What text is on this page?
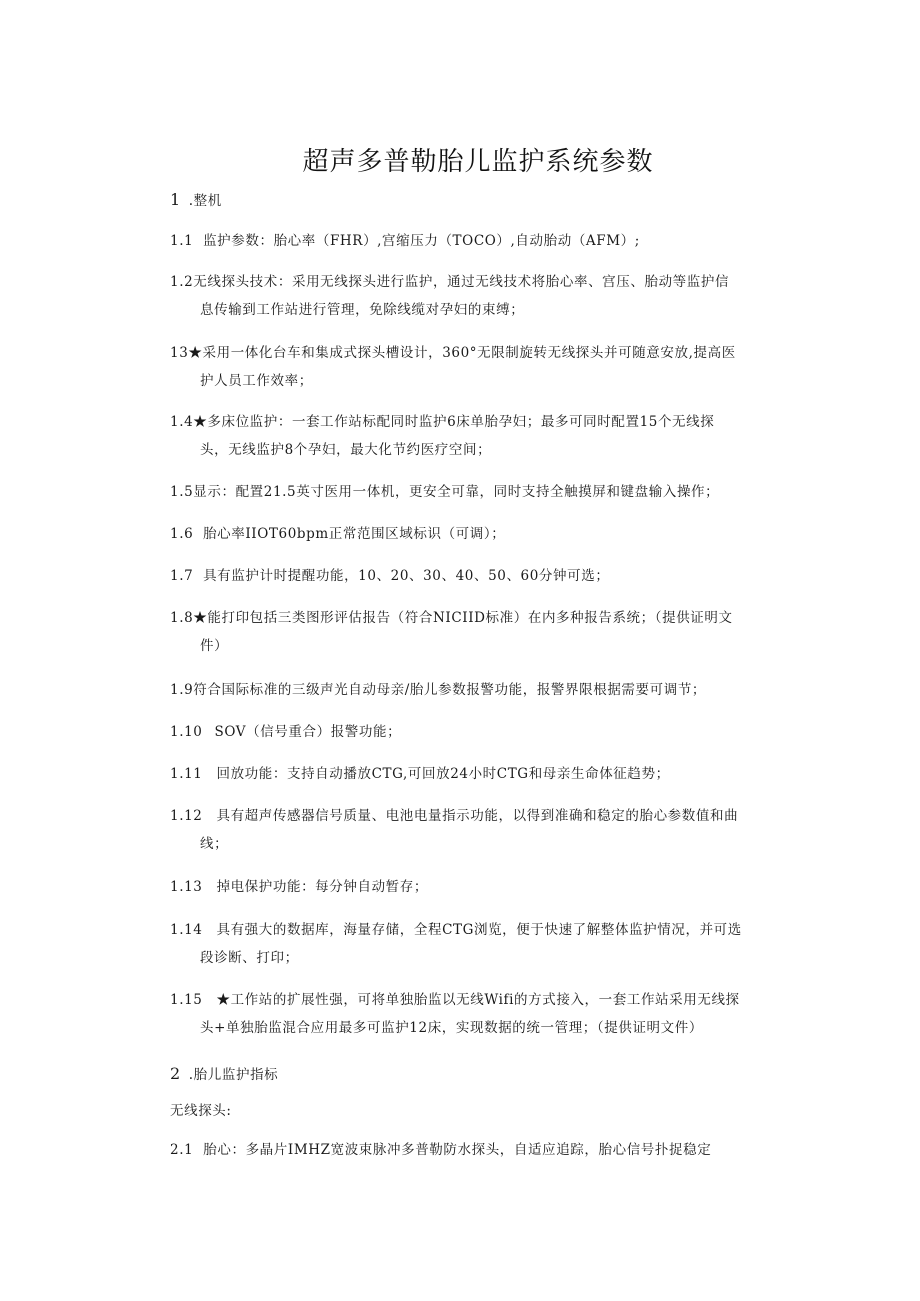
超声多普勒胎儿监护系统参数
1 .整机
1.1  监护参数：胎心率（FHR）,宫缩压力（TOCO）,自动胎动（AFM）;
1.2无线探头技术：采用无线探头进行监护，通过无线技术将胎心率、宫压、胎动等监护信
息传输到工作站进行管理，免除线缆对孕妇的束缚；
13★采用一体化台车和集成式探头槽设计，360°无限制旋转无线探头并可随意安放,提高医
护人员工作效率；
1.4★多床位监护：一套工作站标配同时监护6床单胎孕妇；最多可同时配置15个无线探
头，无线监护8个孕妇，最大化节约医疗空间；
1.5显示：配置21.5英寸医用一体机，更安全可靠，同时支持全触摸屏和键盘输入操作；
1.6  胎心率IIOT60bpm正常范围区域标识（可调）；
1.7  具有监护计时提醒功能，10、20、30、40、50、60分钟可选；
1.8★能打印包括三类图形评估报告（符合NICIID标准）在内多种报告系统；（提供证明文
件）
1.9符合国际标准的三级声光自动母亲/胎儿参数报警功能，报警界限根据需要可调节；
1.10 SOV（信号重合）报警功能；
1.11 回放功能：支持自动播放CTG,可回放24小时CTG和母亲生命体征趋势；
1.12 具有超声传感器信号质量、电池电量指示功能，以得到准确和稳定的胎心参数值和曲
线；
1.13 掉电保护功能：每分钟自动暂存；
1.14 具有强大的数据库，海量存储，全程CTG浏览，便于快速了解整体监护情况，并可选
段诊断、打印；
1.15 ★工作站的扩展性强，可将单独胎监以无线Wifi的方式接入，一套工作站采用无线探
头+单独胎监混合应用最多可监护12床，实现数据的统一管理；（提供证明文件）
2 .胎儿监护指标
无线探头:
2.1 胎心：多晶片IMHZ宽波束脉冲多普勒防水探头，自适应追踪，胎心信号扑捉稳定
